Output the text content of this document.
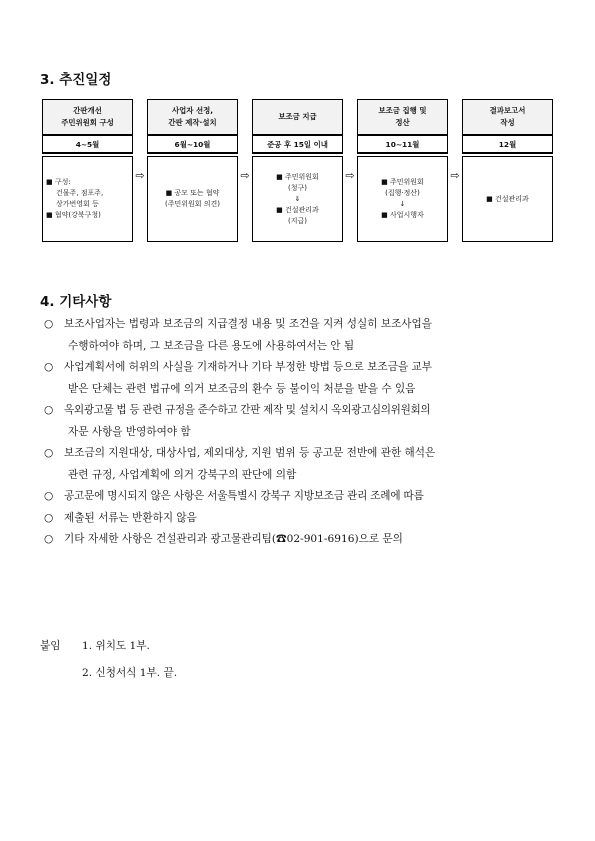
3. 추진일정
간판개선
주민위원회 구성
4~5월
■ 구성:
건물주, 점포주,
상가번영회 등
■ 협약(강북구청)
⇨
사업자 선정,
간판 제작·설치
6월~10월
■ 공모 또는 협약
(주민위원회 의견)
⇨
보조금 지급
준공 후 15일 이내
■ 주민위원회
(청구)
⇓
■ 건설관리과
(지급)
⇨
보조금 집행 및
정산
10~11월
■ 주민위원회
(집행·정산)
↓
■ 사업시행자
⇨
결과보고서
작성
12월
■ 건설관리과
4. 기타사항
○	보조사업자는 법령과 보조금의 지급결정 내용 및 조건을 지켜 성실히 보조사업을
수행하여야 하며, 그 보조금을 다른 용도에 사용하여서는 안 됨
○	사업계획서에 허위의 사실을 기재하거나 기타 부정한 방법 등으로 보조금을 교부
받은 단체는 관련 법규에 의거 보조금의 환수 등 불이익 처분을 받을 수 있음
○	옥외광고물 법 등 관련 규정을 준수하고 간판 제작 및 설치시 옥외광고심의위원회의
자문 사항을 반영하여야 함
○	보조금의 지원대상, 대상사업, 제외대상, 지원 범위 등 공고문 전반에 관한 해석은
관련 규정, 사업계획에 의거 강북구의 판단에 의함
○	공고문에 명시되지 않은 사항은 서울특별시 강북구 지방보조금 관리 조례에 따름
○	제출된 서류는 반환하지 않음
○	기타 자세한 사항은 건설관리과 광고물관리팀(☎02-901-6916)으로 문의
붙임 1. 위치도 1부.
2. 신청서식 1부. 끝.
